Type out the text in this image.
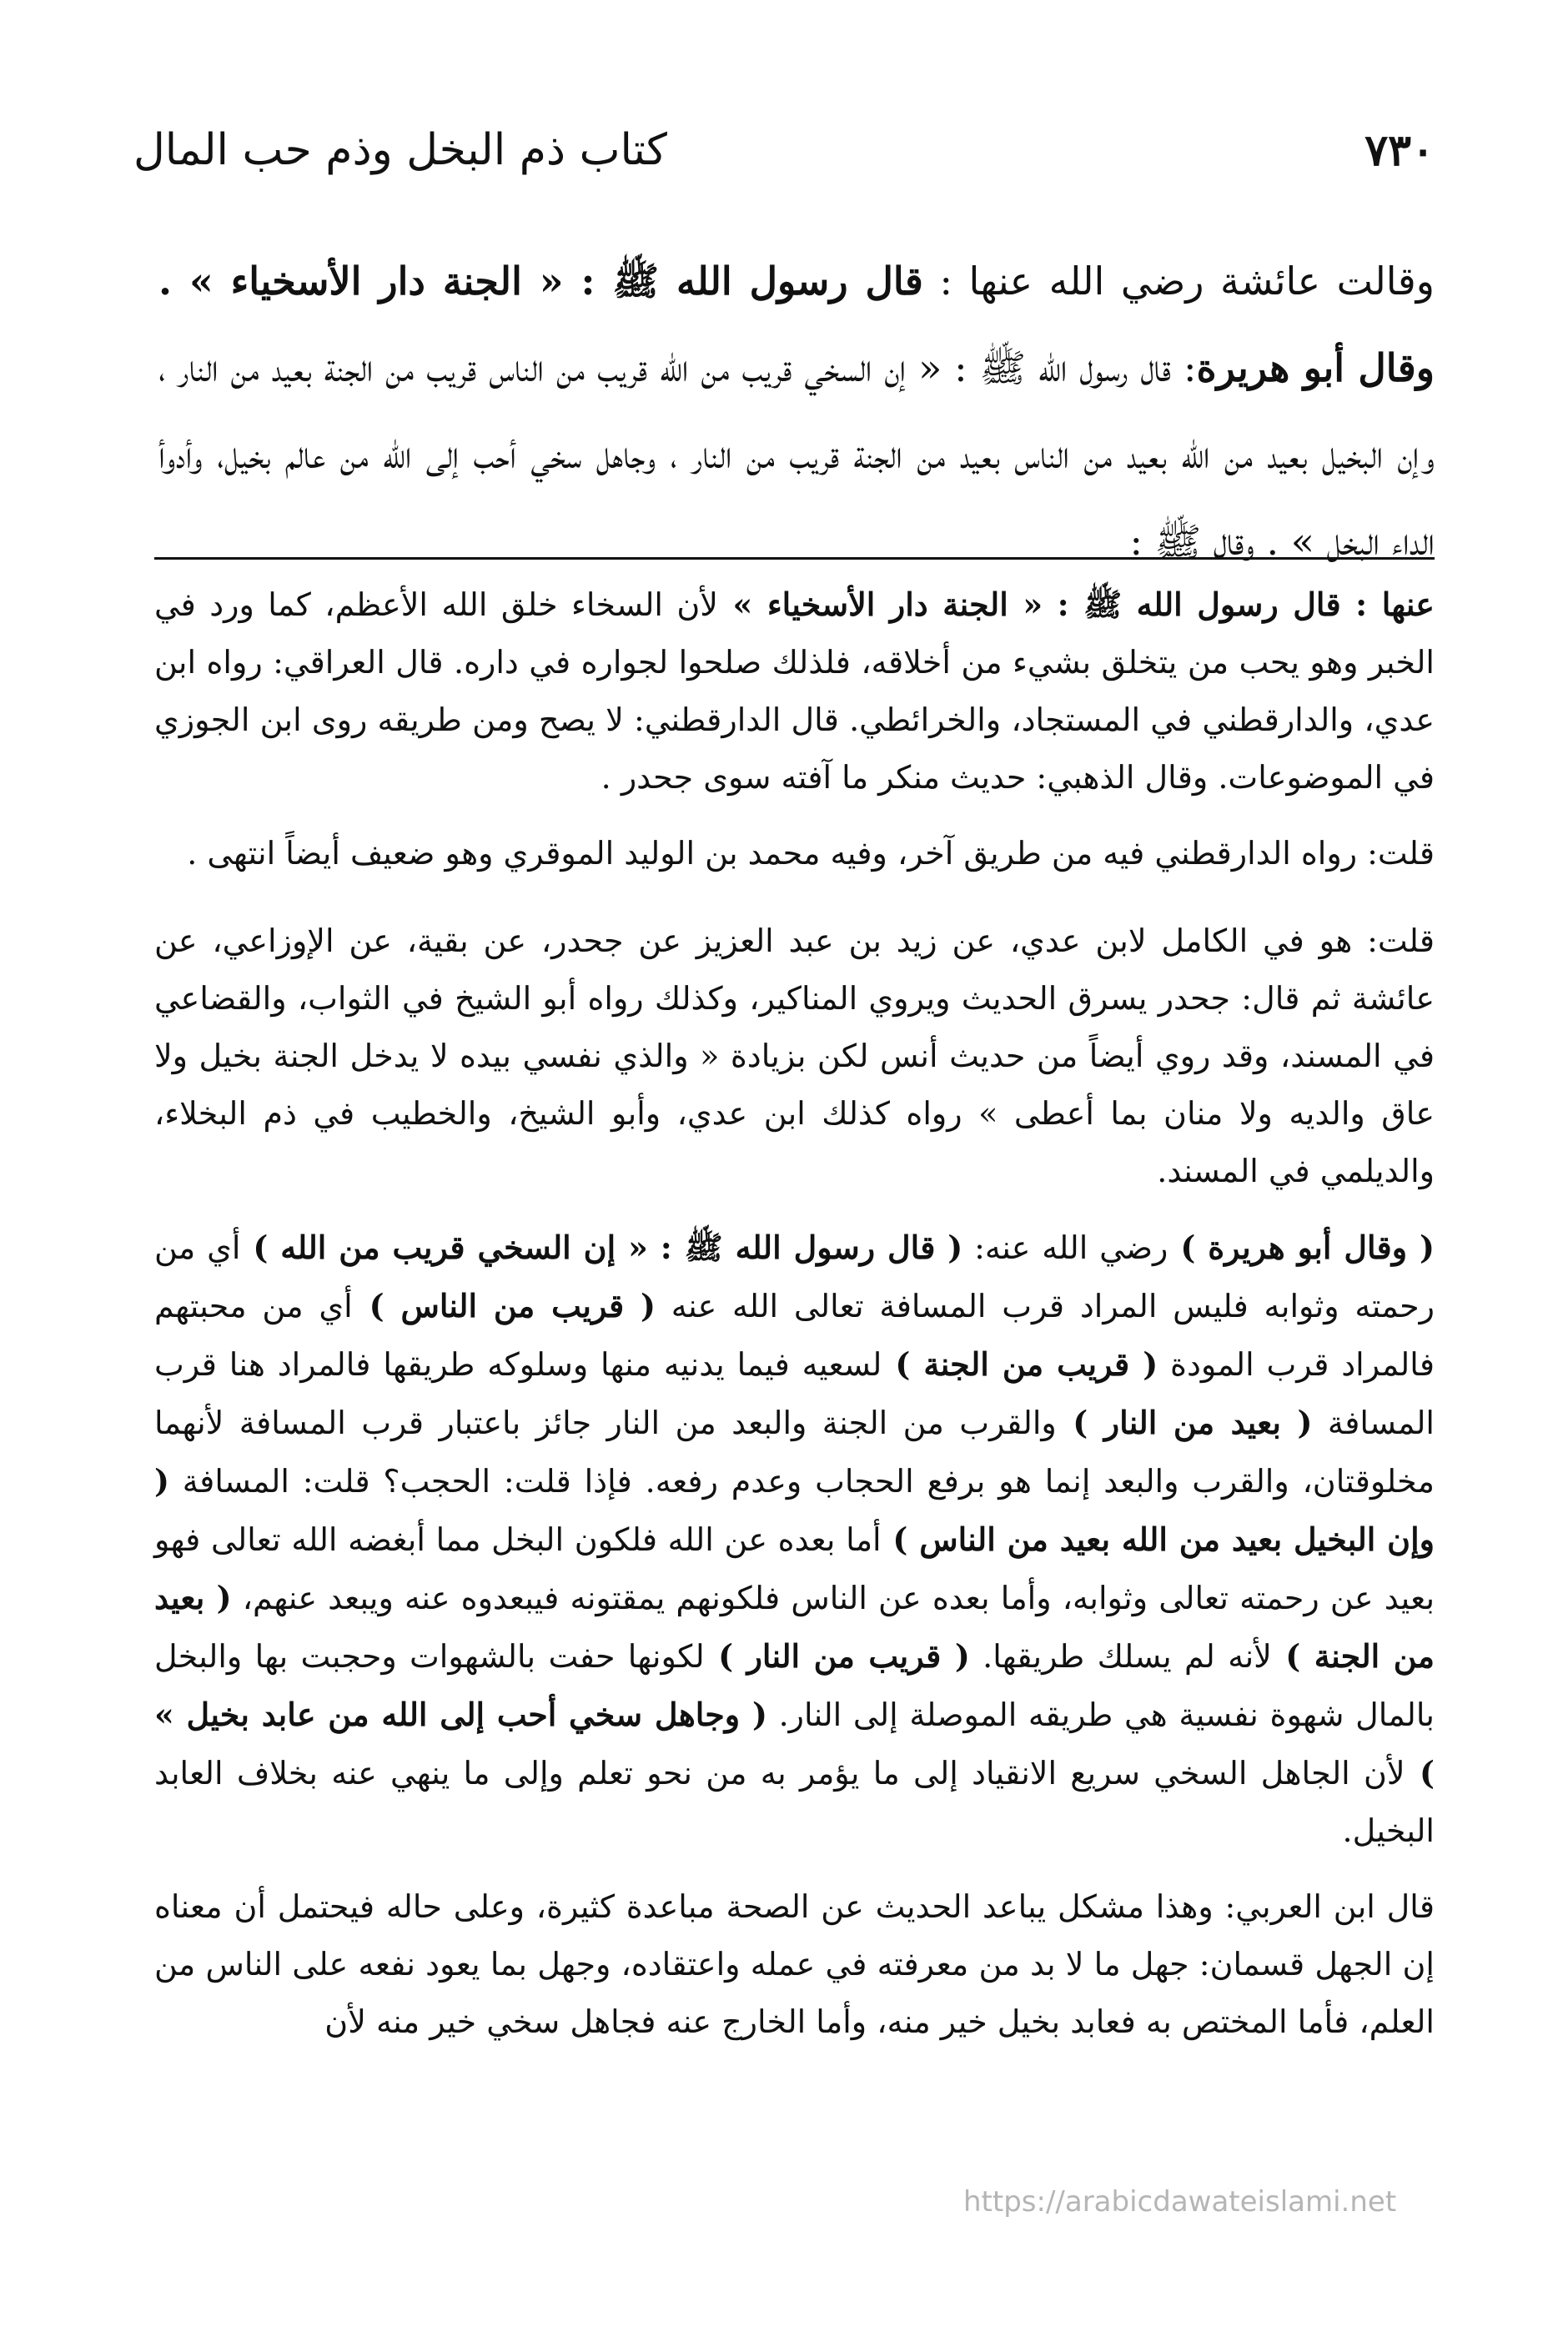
٧٣٠
كتاب ذم البخل وذم حب المال
وقالت عائشة رضي الله عنها : قال رسول الله ﷺ : « الجنة دار الأسخياء » . وقال أبو هريرة: قال رسول الله ﷺ : « إن السخي قريب من الله قريب من الناس قريب من الجنة بعيد من النار ، وإن البخيل بعيد من الله بعيد من الناس بعيد من الجنة قريب من النار ، وجاهل سخي أحب إلى الله من عالم بخيل، وأدوأ الداء البخل » . وقال ﷺ :

عنها : قال رسول الله ﷺ : « الجنة دار الأسخياء » لأن السخاء خلق الله الأعظم، كما ورد في الخبر وهو يحب من يتخلق بشيء من أخلاقه، فلذلك صلحوا لجواره في داره. قال العراقي: رواه ابن عدي، والدارقطني في المستجاد، والخرائطي. قال الدارقطني: لا يصح ومن طريقه روى ابن الجوزي في الموضوعات. وقال الذهبي: حديث منكر ما آفته سوى جحدر .

قلت: رواه الدارقطني فيه من طريق آخر، وفيه محمد بن الوليد الموقري وهو ضعيف أيضاً انتهى .

قلت: هو في الكامل لابن عدي، عن زيد بن عبد العزيز عن جحدر، عن بقية، عن الإوزاعي، عن عائشة ثم قال: جحدر يسرق الحديث ويروي المناكير، وكذلك رواه أبو الشيخ في الثواب، والقضاعي في المسند، وقد روي أيضاً من حديث أنس لكن بزيادة « والذي نفسي بيده لا يدخل الجنة بخيل ولا عاق والديه ولا منان بما أعطى » رواه كذلك ابن عدي، وأبو الشيخ، والخطيب في ذم البخلاء، والديلمي في المسند.

( وقال أبو هريرة ) رضي الله عنه: ( قال رسول الله ﷺ : « إن السخي قريب من الله ) أي من رحمته وثوابه فليس المراد قرب المسافة تعالى الله عنه ( قريب من الناس ) أي من محبتهم فالمراد قرب المودة ( قريب من الجنة ) لسعيه فيما يدنيه منها وسلوكه طريقها فالمراد هنا قرب المسافة ( بعيد من النار ) والقرب من الجنة والبعد من النار جائز باعتبار قرب المسافة لأنهما مخلوقتان، والقرب والبعد إنما هو برفع الحجاب وعدم رفعه. فإذا قلت: الحجب؟ قلت: المسافة ( وإن البخيل بعيد من الله بعيد من الناس ) أما بعده عن الله فلكون البخل مما أبغضه الله تعالى فهو بعيد عن رحمته تعالى وثوابه، وأما بعده عن الناس فلكونهم يمقتونه فيبعدوه عنه ويبعد عنهم، ( بعيد من الجنة ) لأنه لم يسلك طريقها. ( قريب من النار ) لكونها حفت بالشهوات وحجبت بها والبخل بالمال شهوة نفسية هي طريقه الموصلة إلى النار. ( وجاهل سخي أحب إلى الله من عابد بخيل » ) لأن الجاهل السخي سريع الانقياد إلى ما يؤمر به من نحو تعلم وإلى ما ينهي عنه بخلاف العابد البخيل.

قال ابن العربي: وهذا مشكل يباعد الحديث عن الصحة مباعدة كثيرة، وعلى حاله فيحتمل أن معناه إن الجهل قسمان: جهل ما لا بد من معرفته في عمله واعتقاده، وجهل بما يعود نفعه على الناس من العلم، فأما المختص به فعابد بخيل خير منه، وأما الخارج عنه فجاهل سخي خير منه لأن

https://arabicdawateislami.net
